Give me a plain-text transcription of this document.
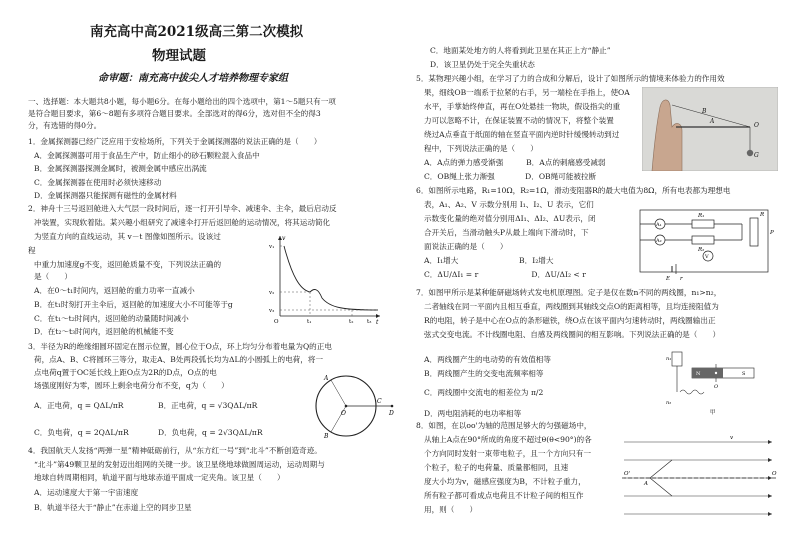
南充高中高2021级高三第二次模拟
物理试题
命审题：南充高中拔尖人才培养物理专家组
一、选择题：本大题共8小题，每小题6分。在每小题给出的四个选项中，第1～5题只有一项
是符合题目要求，第6～8题有多项符合题目要求。全部选对的得6分，选对但不全的得3
分，有选错的得0分。
1．金属探测器已经广泛应用于安检场所，下列关于金属探测器的说法正确的是（　　）
A．金属探测器可用于食品生产中，防止细小的砂石颗粒混入食品中
B．金属探测器探测金属时，被测金属中感应出涡流
C．金属探测器在使用时必须快速移动
D．金属探测器只能探测有磁性的金属材料
2．神舟十三号返回舱进入大气层一段时间后，逐一打开引导伞、减速伞、主伞，最后启动反
冲装置，实现软着陆。某兴趣小组研究了减速伞打开后返回舱的运动情况，将其运动简化
为竖直方向的直线运动，其 v－t 图像如图所示。设该过
程
中重力加速度g不变，返回舱质量不变，下列说法正确的
是（　　）
A．在0～t₁时间内，返回舱的重力功率一直减小
B．在t₁时刻打开主伞后，返回舱的加速度大小不可能等于g
C．在t₁～t₂时间内，返回舱的动量随时间减小
D．在t₂～t₃时间内，返回舱的机械能不变
v
t
v₁
v₂
v₃
O	t₁	t₂ t₃
3．半径为R的绝缘细圆环固定在图示位置，圆心位于O点，环上均匀分布着电量为Q的正电
荷，点A、B、C将圆环三等分，取走A、B处两段弧长均为ΔL的小圆弧上的电荷，将一
点电荷q置于OC延长线上距O点为2R的D点，O点的电
场强度刚好为零，圆环上剩余电荷分布不变，q为（　　）
A．正电荷，q = QΔL/πR	B．正电荷，q = √3QΔL/πR
C．负电荷，q = 2QΔL/πR	D．负电荷，q = 2√3QΔL/πR
A
B
C
D
O
4．我国航天人发扬“两弹一星”精神砥砺前行，从“东方红一号”到“北斗”不断创造奇迹。
“北斗”第49颗卫星的发射迈出组网的关键一步。该卫星绕地球做圆周运动，运动周期与
地球自转周期相同，轨道平面与地球赤道平面成一定夹角。该卫星（　　）
A．运动速度大于第一宇宙速度
B．轨道半径大于“静止”在赤道上空的同步卫星
C．地面某处地方的人将看到此卫星在其正上方“静止”
D．该卫星仍处于完全失重状态
5．某物理兴趣小组，在学习了力的合成和分解后，设计了如图所示的情境来体验力的作用效
果，细线OB一端系于拉紧的右手，另一端栓在手指上，使OA
水平，手掌始终伸直，再在O处悬挂一物块，假设指尖的重
力可以忽略不计，在保证装置不动的情况下，将整个装置
绕过A点垂直于纸面的轴在竖直平面内逆时针缓慢转动到过
程中，下列说法正确的是（　　）
A．A点的弹力感受渐强　　　B．A点的刺痛感受减弱
C．OB绳上张力渐强　　　　D．OB绳可能被拉断
O
G
A
B
6．如图所示电路，R₁=10Ω，R₂=1Ω，滑动变阻器R的最大电值为8Ω，所有电表都为理想电
表，A₁、A₂、V 示数分别用 I₁、I₂、U 表示，它们
示数变化量的绝对值分别用ΔI₁、ΔI₂、ΔU表示，闭
合开关后，当滑动触头P从最上端向下滑动时，下
面说法正确的是（　　）
A．I₁增大　　　　　　　　B．I₂增大
C．ΔU/ΔI₁ = r　　　　　　　D．ΔU/ΔI₂ < r
A₁
A₂
R₁
R₂
R
P
V
E r
7．如图甲所示是某种能研磁场转式发电机原理图。定子是仅在数n不同的两线圈，n₁>n₂，
二者轴线在同一平面内且相互垂直，两线圈到其轴线交点O的距离相等，且均连接阻值为
R的电阻，转子是中心在O点的条形磁铁，绕O点在该平面内匀速转动时，两线圈输出正
弦式交变电流。不计线圈电阻、自感及两线圈间的相互影响。下列说法正确的是（　　）
A．两线圈产生的电动势的有效值相等
B．两线圈产生的交变电流频率相等
C．两线圈中交流电的相差位为 π/2
D．两电阻消耗的电功率相等
n₁
n₂
O
N	S
甲
8．如图，在以oo'为轴的范围足够大的匀强磁场中，
从轴上A点在90°所成的角度不超过θ(θ<90°)的各
个方向同时发射一束带电粒子，且一个方向只有一
个粒子，粒子的电荷量、质量都相同，且速
度大小均为v，磁感应强度为B，不计粒子重力，
所有粒子都可看成点电荷且不计粒子间的相互作
用，则（　　）
v
A
O'	O
